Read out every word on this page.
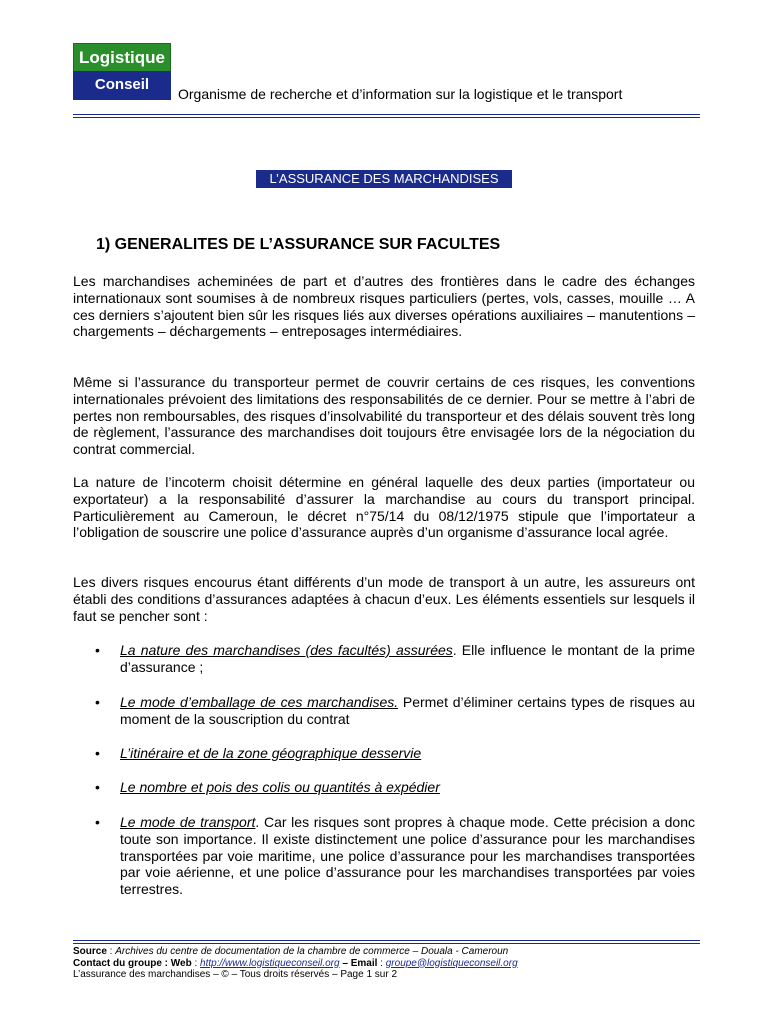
Logistique
Conseil
Organisme de recherche et d’information sur la logistique et le transport
L’ASSURANCE DES MARCHANDISES
1) GENERALITES DE L’ASSURANCE SUR FACULTES

Les marchandises acheminées de part et d’autres des frontières dans le cadre des échanges internationaux sont soumises à de nombreux risques particuliers (pertes, vols, casses, mouille … A ces derniers s’ajoutent bien sûr les risques liés aux diverses opérations auxiliaires – manutentions – chargements – déchargements – entreposages intermédiaires.

Même si l’assurance du transporteur permet de couvrir certains de ces risques, les conventions internationales prévoient des limitations des responsabilités de ce dernier. Pour se mettre à l’abri de pertes non remboursables, des risques d’insolvabilité du transporteur et des délais souvent très long de règlement, l’assurance des marchandises doit toujours être envisagée lors de la négociation du contrat commercial.

La nature de l’incoterm choisit détermine en général laquelle des deux parties (importateur ou exportateur) a la responsabilité d’assurer la marchandise au cours du transport principal. Particulièrement au Cameroun, le décret n°75/14 du 08/12/1975 stipule que l’importateur a l’obligation de souscrire une police d’assurance auprès d’un organisme d’assurance local agrée.

Les divers risques encourus étant différents d’un mode de transport à un autre, les assureurs ont établi des conditions d’assurances adaptées à chacun d’eux. Les éléments essentiels sur lesquels il faut se pencher sont :

• La nature des marchandises (des facultés) assurées. Elle influence le montant de la prime d’assurance ;
• Le mode d’emballage de ces marchandises. Permet d’éliminer certains types de risques au moment de la souscription du contrat
• L’itinéraire et de la zone géographique desservie
• Le nombre et pois des colis ou quantités à expédier
• Le mode de transport. Car les risques sont propres à chaque mode. Cette précision a donc toute son importance. Il existe distinctement une police d’assurance pour les marchandises transportées par voie maritime, une police d’assurance pour les marchandises transportées par voie aérienne, et une police d’assurance pour les marchandises transportées par voies terrestres.
Source : Archives du centre de documentation de la chambre de commerce – Douala - Cameroun
Contact du groupe : Web : http://www.logistiqueconseil.org – Email : groupe@logistiqueconseil.org
L’assurance des marchandises – © – Tous droits réservés – Page 1 sur 2
